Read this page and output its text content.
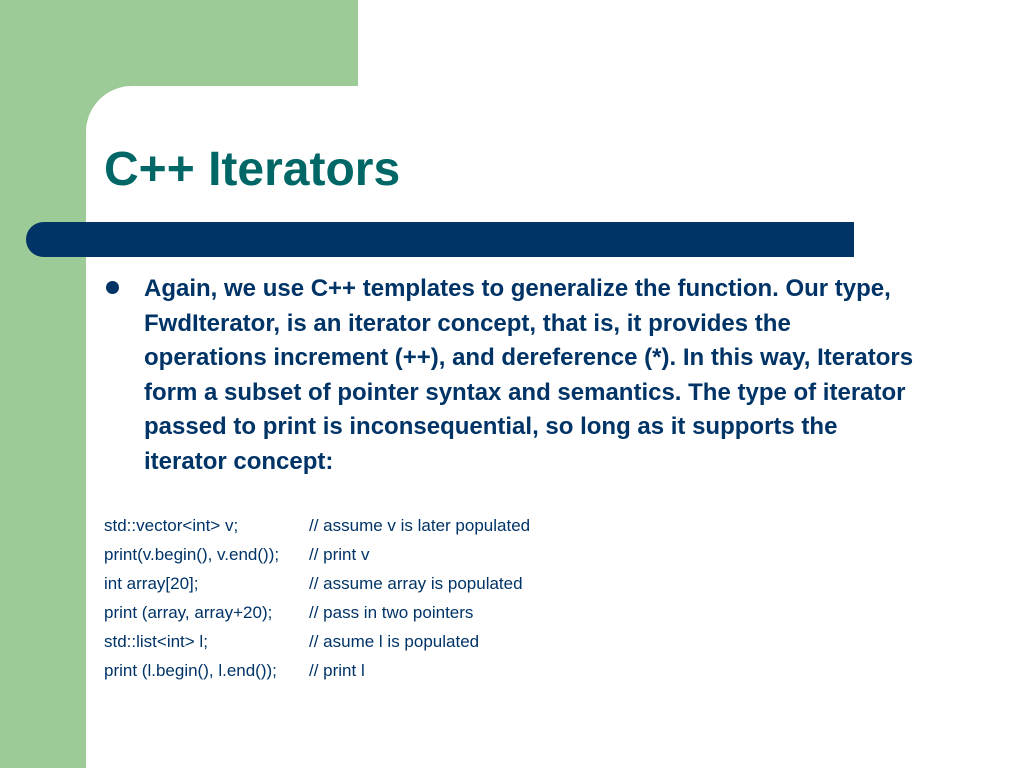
C++ Iterators

Again, we use C++ templates to generalize the function. Our type, FwdIterator, is an iterator concept, that is, it provides the operations increment (++), and dereference (*). In this way, Iterators form a subset of pointer syntax and semantics. The type of iterator passed to print is inconsequential, so long as it supports the iterator concept:

std::vector<int> v;	// assume v is later populated
print(v.begin(), v.end()); // print v
int array[20];	// assume array is populated
print (array, array+20); // pass in two pointers
std::list<int> l;	// asume l is populated
print (l.begin(), l.end()); // print l
